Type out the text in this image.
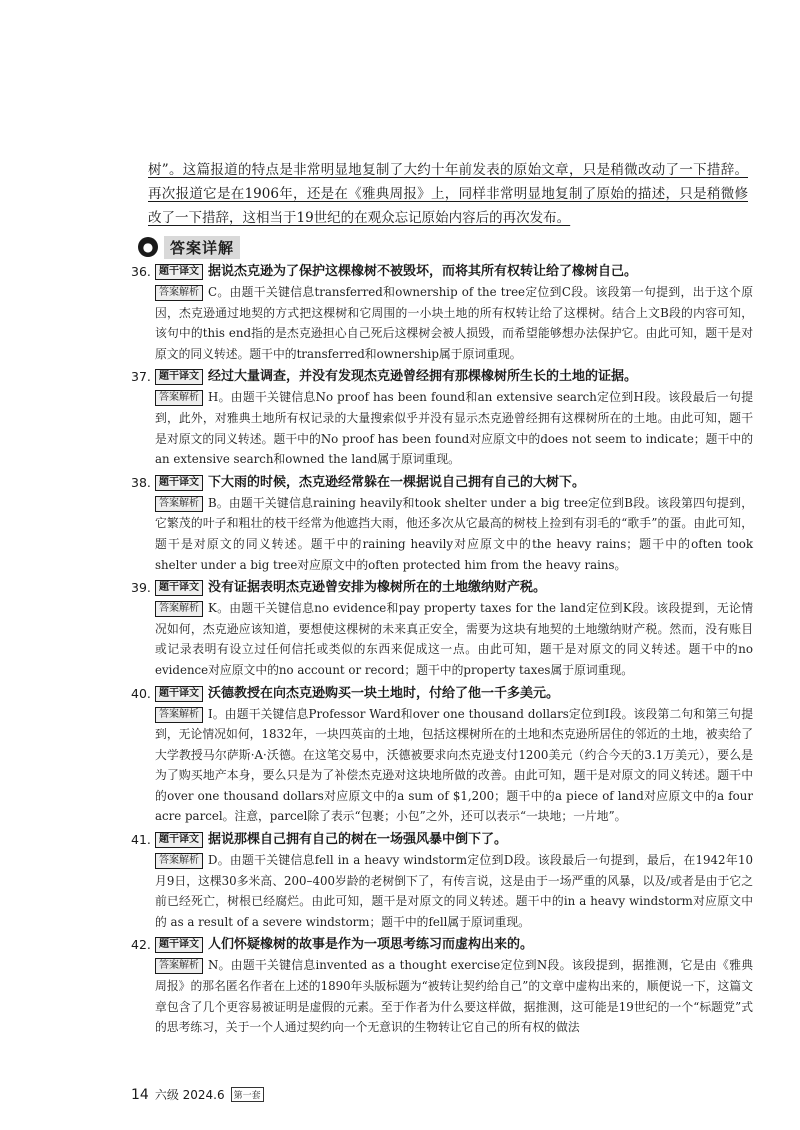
树”。这篇报道的特点是非常明显地复制了大约十年前发表的原始文章，只是稍微改动了一下措辞。再次报道它是在1906年，还是在《雅典周报》上，同样非常明显地复制了原始的描述，只是稍微修改了一下措辞，这相当于19世纪的在观众忘记原始内容后的再次发布。
●	答案详解
36. 题干译文 据说杰克逊为了保护这棵橡树不被毁坏，而将其所有权转让给了橡树自己。
答案解析 C。由题干关键信息transferred和ownership of the tree定位到C段。该段第一句提到，出于这个原因，杰克逊通过地契的方式把这棵树和它周围的一小块土地的所有权转让给了这棵树。结合上文B段的内容可知，该句中的this end指的是杰克逊担心自己死后这棵树会被人损毁，而希望能够想办法保护它。由此可知，题干是对原文的同义转述。题干中的transferred和ownership属于原词重现。
37. 题干译文 经过大量调查，并没有发现杰克逊曾经拥有那棵橡树所生长的土地的证据。
答案解析 H。由题干关键信息No proof has been found和an extensive search定位到H段。该段最后一句提到，此外，对雅典土地所有权记录的大量搜索似乎并没有显示杰克逊曾经拥有这棵树所在的土地。由此可知，题干是对原文的同义转述。题干中的No proof has been found对应原文中的does not seem to indicate；题干中的an extensive search和owned the land属于原词重现。
38. 题干译文 下大雨的时候，杰克逊经常躲在一棵据说自己拥有自己的大树下。
答案解析 B。由题干关键信息raining heavily和took shelter under a big tree定位到B段。该段第四句提到，它繁茂的叶子和粗壮的枝干经常为他遮挡大雨，他还多次从它最高的树枝上捡到有羽毛的“歌手”的蛋。由此可知，题干是对原文的同义转述。题干中的raining heavily对应原文中的the heavy rains；题干中的often took shelter under a big tree对应原文中的often protected him from the heavy rains。
39. 题干译文 没有证据表明杰克逊曾安排为橡树所在的土地缴纳财产税。
答案解析 K。由题干关键信息no evidence和pay property taxes for the land定位到K段。该段提到，无论情况如何，杰克逊应该知道，要想使这棵树的未来真正安全，需要为这块有地契的土地缴纳财产税。然而，没有账目或记录表明有设立过任何信托或类似的东西来促成这一点。由此可知，题干是对原文的同义转述。题干中的no evidence对应原文中的no account or record；题干中的property taxes属于原词重现。
40. 题干译文 沃德教授在向杰克逊购买一块土地时，付给了他一千多美元。
答案解析 I。由题干关键信息Professor Ward和over one thousand dollars定位到I段。该段第二句和第三句提到，无论情况如何，1832年，一块四英亩的土地，包括这棵树所在的土地和杰克逊所居住的邻近的土地，被卖给了大学教授马尔萨斯·A·沃德。在这笔交易中，沃德被要求向杰克逊支付1200美元（约合今天的3.1万美元），要么是为了购买地产本身，要么只是为了补偿杰克逊对这块地所做的改善。由此可知，题干是对原文的同义转述。题干中的over one thousand dollars对应原文中的a sum of $1,200；题干中的a piece of land对应原文中的a four acre parcel。注意，parcel除了表示“包裹；小包”之外，还可以表示“一块地；一片地”。
41. 题干译文 据说那棵自己拥有自己的树在一场强风暴中倒下了。
答案解析 D。由题干关键信息fell in a heavy windstorm定位到D段。该段最后一句提到，最后，在1942年10月9日，这棵30多米高、200–400岁龄的老树倒下了，有传言说，这是由于一场严重的风暴，以及/或者是由于它之前已经死亡，树根已经腐烂。由此可知，题干是对原文的同义转述。题干中的in a heavy windstorm对应原文中的 as a result of a severe windstorm；题干中的fell属于原词重现。
42. 题干译文 人们怀疑橡树的故事是作为一项思考练习而虚构出来的。
答案解析 N。由题干关键信息invented as a thought exercise定位到N段。该段提到，据推测，它是由《雅典周报》的那名匿名作者在上述的1890年头版标题为“被转让契约给自己”的文章中虚构出来的，顺便说一下，这篇文章包含了几个更容易被证明是虚假的元素。至于作者为什么要这样做，据推测，这可能是19世纪的一个“标题党”式的思考练习，关于一个人通过契约向一个无意识的生物转让它自己的所有权的做法
14 六级 2024.6	第一套
